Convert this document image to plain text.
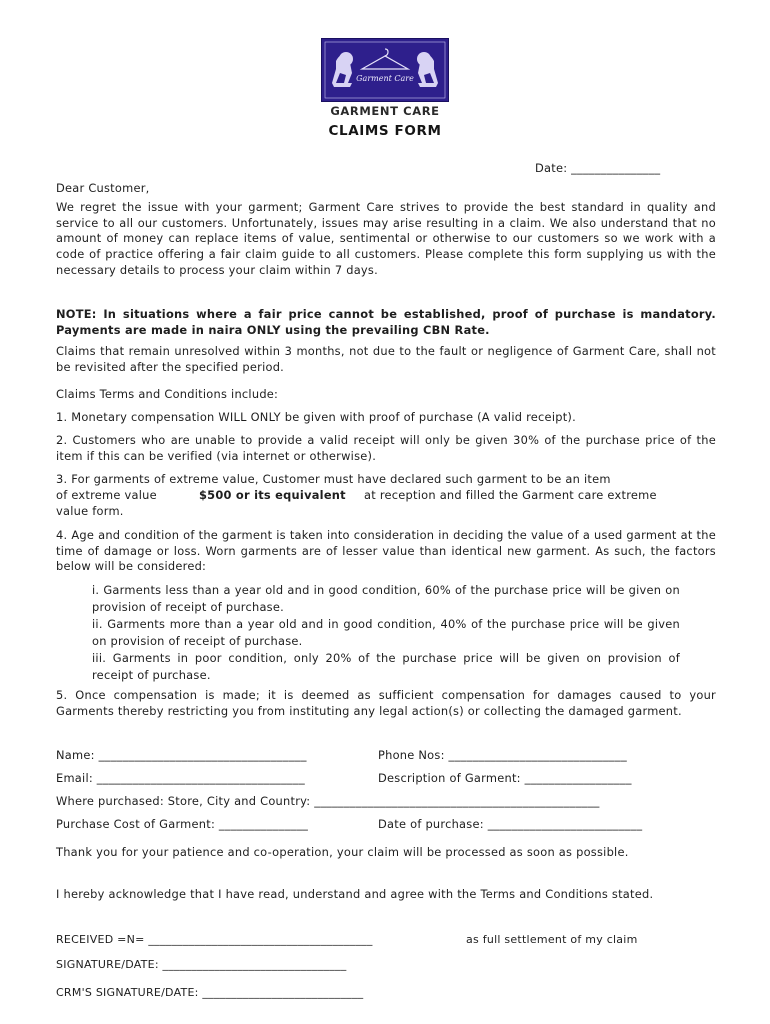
Garment Care
GARMENT CARE
CLAIMS FORM
Date: _______________
Dear Customer,

We regret the issue with your garment; Garment Care strives to provide the best standard in quality and service to all our customers. Unfortunately, issues may arise resulting in a claim. We also understand that no amount of money can replace items of value, sentimental or otherwise to our customers so we work with a code of practice offering a fair claim guide to all customers. Please complete this form supplying us with the necessary details to process your claim within 7 days.

NOTE: In situations where a fair price cannot be established, proof of purchase is mandatory. Payments are made in naira ONLY using the prevailing CBN Rate.

Claims that remain unresolved within 3 months, not due to the fault or negligence of Garment Care, shall not be revisited after the specified period.

Claims Terms and Conditions include:
1. Monetary compensation WILL ONLY be given with proof of purchase (A valid receipt).

2. Customers who are unable to provide a valid receipt will only be given 30% of the purchase price of the item if this can be verified (via internet or otherwise).

3. For garments of extreme value, Customer must have declared such garment to be an item
of extreme value	$500 or its equivalent at reception and filled the Garment care extreme
value form.

4. Age and condition of the garment is taken into consideration in deciding the value of a used garment at the time of damage or loss. Worn garments are of lesser value than identical new garment. As such, the factors below will be considered:

i. Garments less than a year old and in good condition, 60% of the purchase price will be given on provision of receipt of purchase.

ii. Garments more than a year old and in good condition, 40% of the purchase price will be given on provision of receipt of purchase.

iii. Garments in poor condition, only 20% of the purchase price will be given on provision of receipt of purchase.

5. Once compensation is made; it is deemed as sufficient compensation for damages caused to your Garments thereby restricting you from instituting any legal action(s) or collecting the damaged garment.

Name: ___________________________________	Phone Nos: ______________________________
Email: ___________________________________	Description of Garment: __________________
Where purchased: Store, City and Country: ________________________________________________
Purchase Cost of Garment: _______________	Date of purchase: __________________________

Thank you for your patience and co-operation, your claim will be processed as soon as possible.

I hereby acknowledge that I have read, understand and agree with the Terms and Conditions stated.

RECEIVED =N= _______________________________________	as full settlement of my claim
SIGNATURE/DATE: ________________________________
CRM'S SIGNATURE/DATE: ____________________________
